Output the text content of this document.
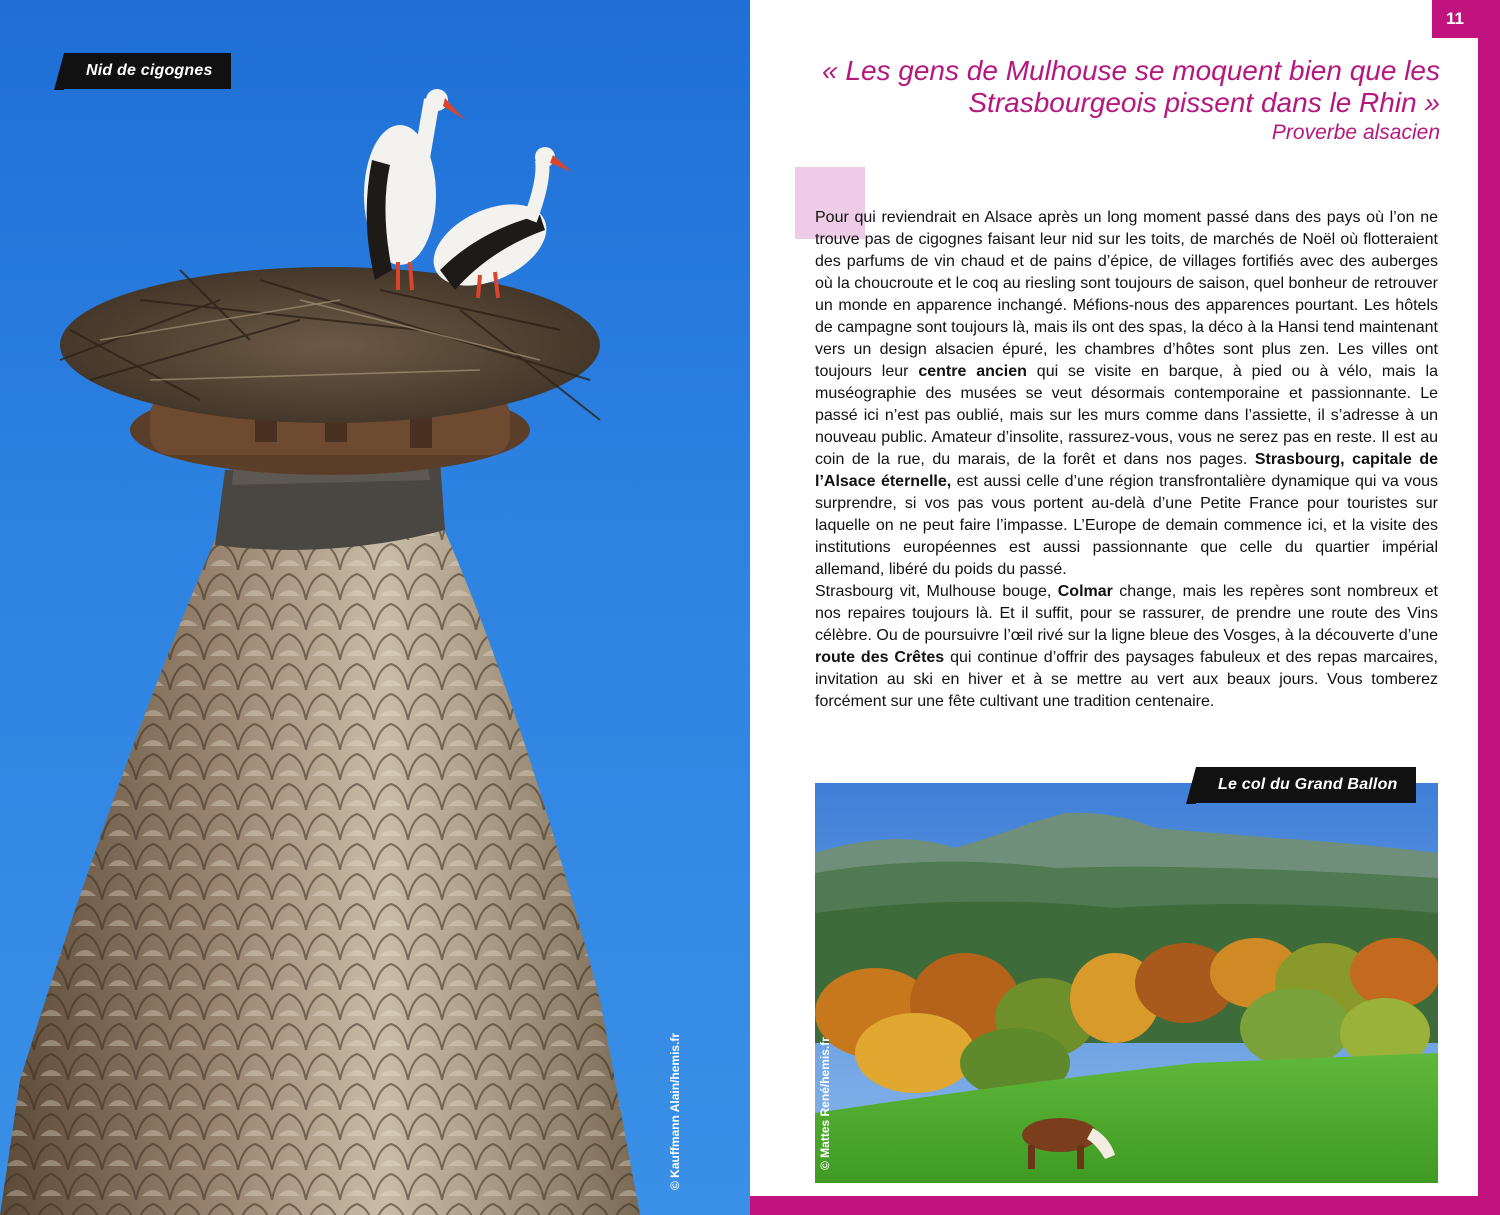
Nid de cigognes
© Kauffmann Alain/hemis.fr
11
« Les gens de Mulhouse se moquent bien que les Strasbourgeois pissent dans le Rhin »
Proverbe alsacien

Pour qui reviendrait en Alsace après un long moment passé dans des pays où l’on ne trouve pas de cigognes faisant leur nid sur les toits, de marchés de Noël où flotteraient des parfums de vin chaud et de pains d’épice, de villages fortifiés avec des auberges où la choucroute et le coq au riesling sont toujours de saison, quel bonheur de retrouver un monde en apparence inchangé. Méfions-nous des apparences pourtant. Les hôtels de campagne sont toujours là, mais ils ont des spas, la déco à la Hansi tend maintenant vers un design alsacien épuré, les chambres d’hôtes sont plus zen. Les villes ont toujours leur centre ancien qui se visite en barque, à pied ou à vélo, mais la muséographie des musées se veut désormais contemporaine et passionnante. Le passé ici n’est pas oublié, mais sur les murs comme dans l’assiette, il s’adresse à un nouveau public. Amateur d’insolite, rassurez-vous, vous ne serez pas en reste. Il est au coin de la rue, du marais, de la forêt et dans nos pages. Strasbourg, capitale de l’Alsace éternelle, est aussi celle d’une région transfrontalière dynamique qui va vous surprendre, si vos pas vous portent au-delà d’une Petite France pour touristes sur laquelle on ne peut faire l’impasse. L’Europe de demain commence ici, et la visite des institutions européennes est aussi passionnante que celle du quartier impérial allemand, libéré du poids du passé.

Strasbourg vit, Mulhouse bouge, Colmar change, mais les repères sont nombreux et nos repaires toujours là. Et il suffit, pour se rassurer, de prendre une route des Vins célèbre. Ou de poursuivre l’œil rivé sur la ligne bleue des Vosges, à la découverte d’une route des Crêtes qui continue d’offrir des paysages fabuleux et des repas marcaires, invitation au ski en hiver et à se mettre au vert aux beaux jours. Vous tomberez forcément sur une fête cultivant une tradition centenaire.

Le col du Grand Ballon
© Mattes René/hemis.fr
